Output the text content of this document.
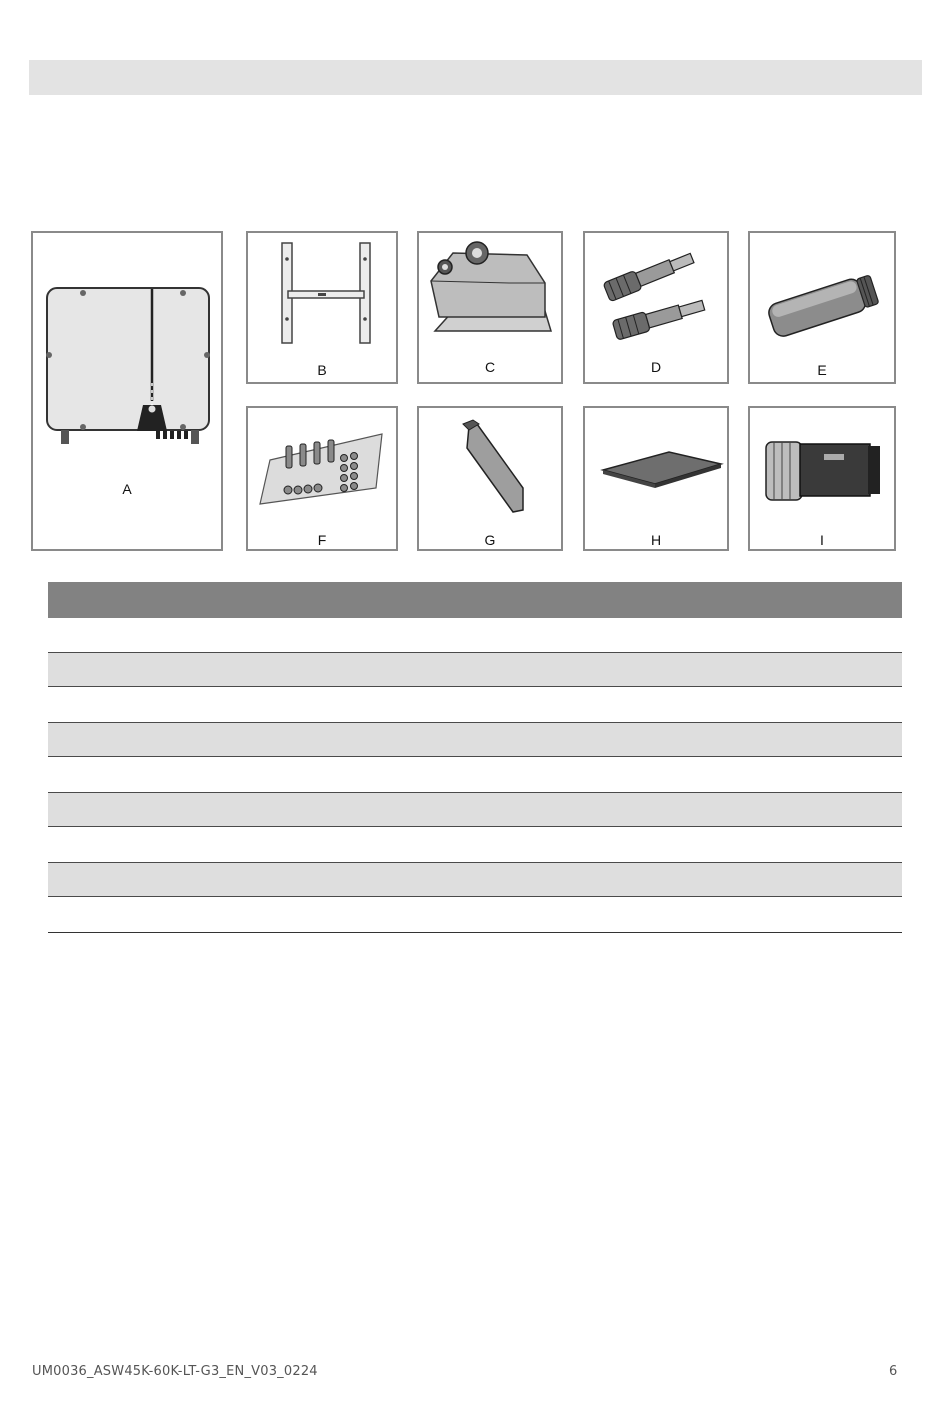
A
B	C	D	E
F	G	H	I
UM0036_ASW45K-60K-LT-G3_EN_V03_0224	6
